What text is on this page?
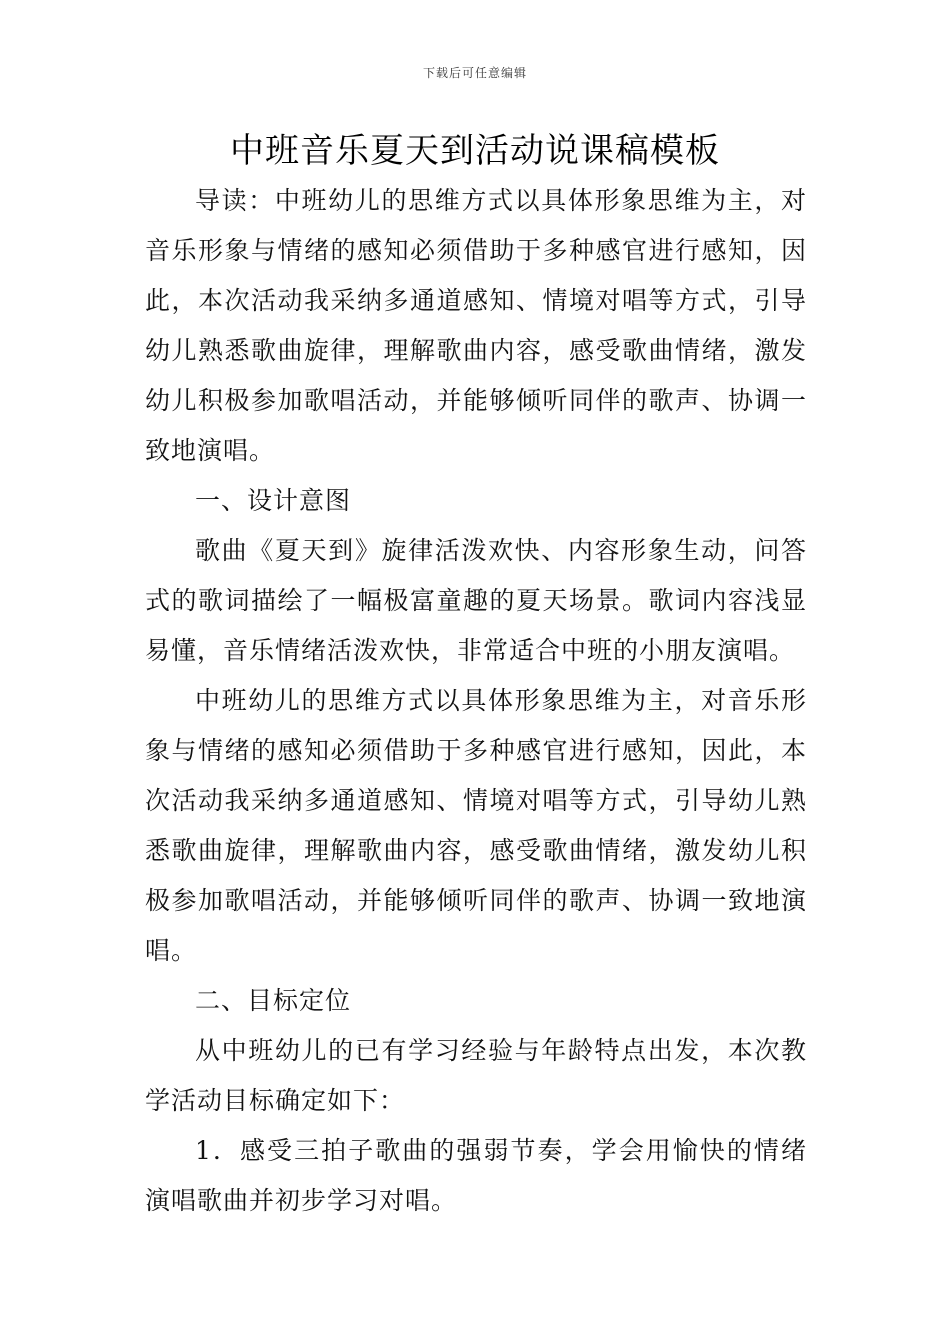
下载后可任意编辑
中班音乐夏天到活动说课稿模板

导读：中班幼儿的思维方式以具体形象思维为主，对音乐形象与情绪的感知必须借助于多种感官进行感知，因此，本次活动我采纳多通道感知、情境对唱等方式，引导幼儿熟悉歌曲旋律，理解歌曲内容，感受歌曲情绪，激发幼儿积极参加歌唱活动，并能够倾听同伴的歌声、协调一致地演唱。

一、设计意图

歌曲《夏天到》旋律活泼欢快、内容形象生动，问答式的歌词描绘了一幅极富童趣的夏天场景。歌词内容浅显易懂，音乐情绪活泼欢快，非常适合中班的小朋友演唱。

中班幼儿的思维方式以具体形象思维为主，对音乐形象与情绪的感知必须借助于多种感官进行感知，因此，本次活动我采纳多通道感知、情境对唱等方式，引导幼儿熟悉歌曲旋律，理解歌曲内容，感受歌曲情绪，激发幼儿积极参加歌唱活动，并能够倾听同伴的歌声、协调一致地演唱。

二、目标定位

从中班幼儿的已有学习经验与年龄特点出发，本次教学活动目标确定如下：

1．感受三拍子歌曲的强弱节奏，学会用愉快的情绪演唱歌曲并初步学习对唱。
